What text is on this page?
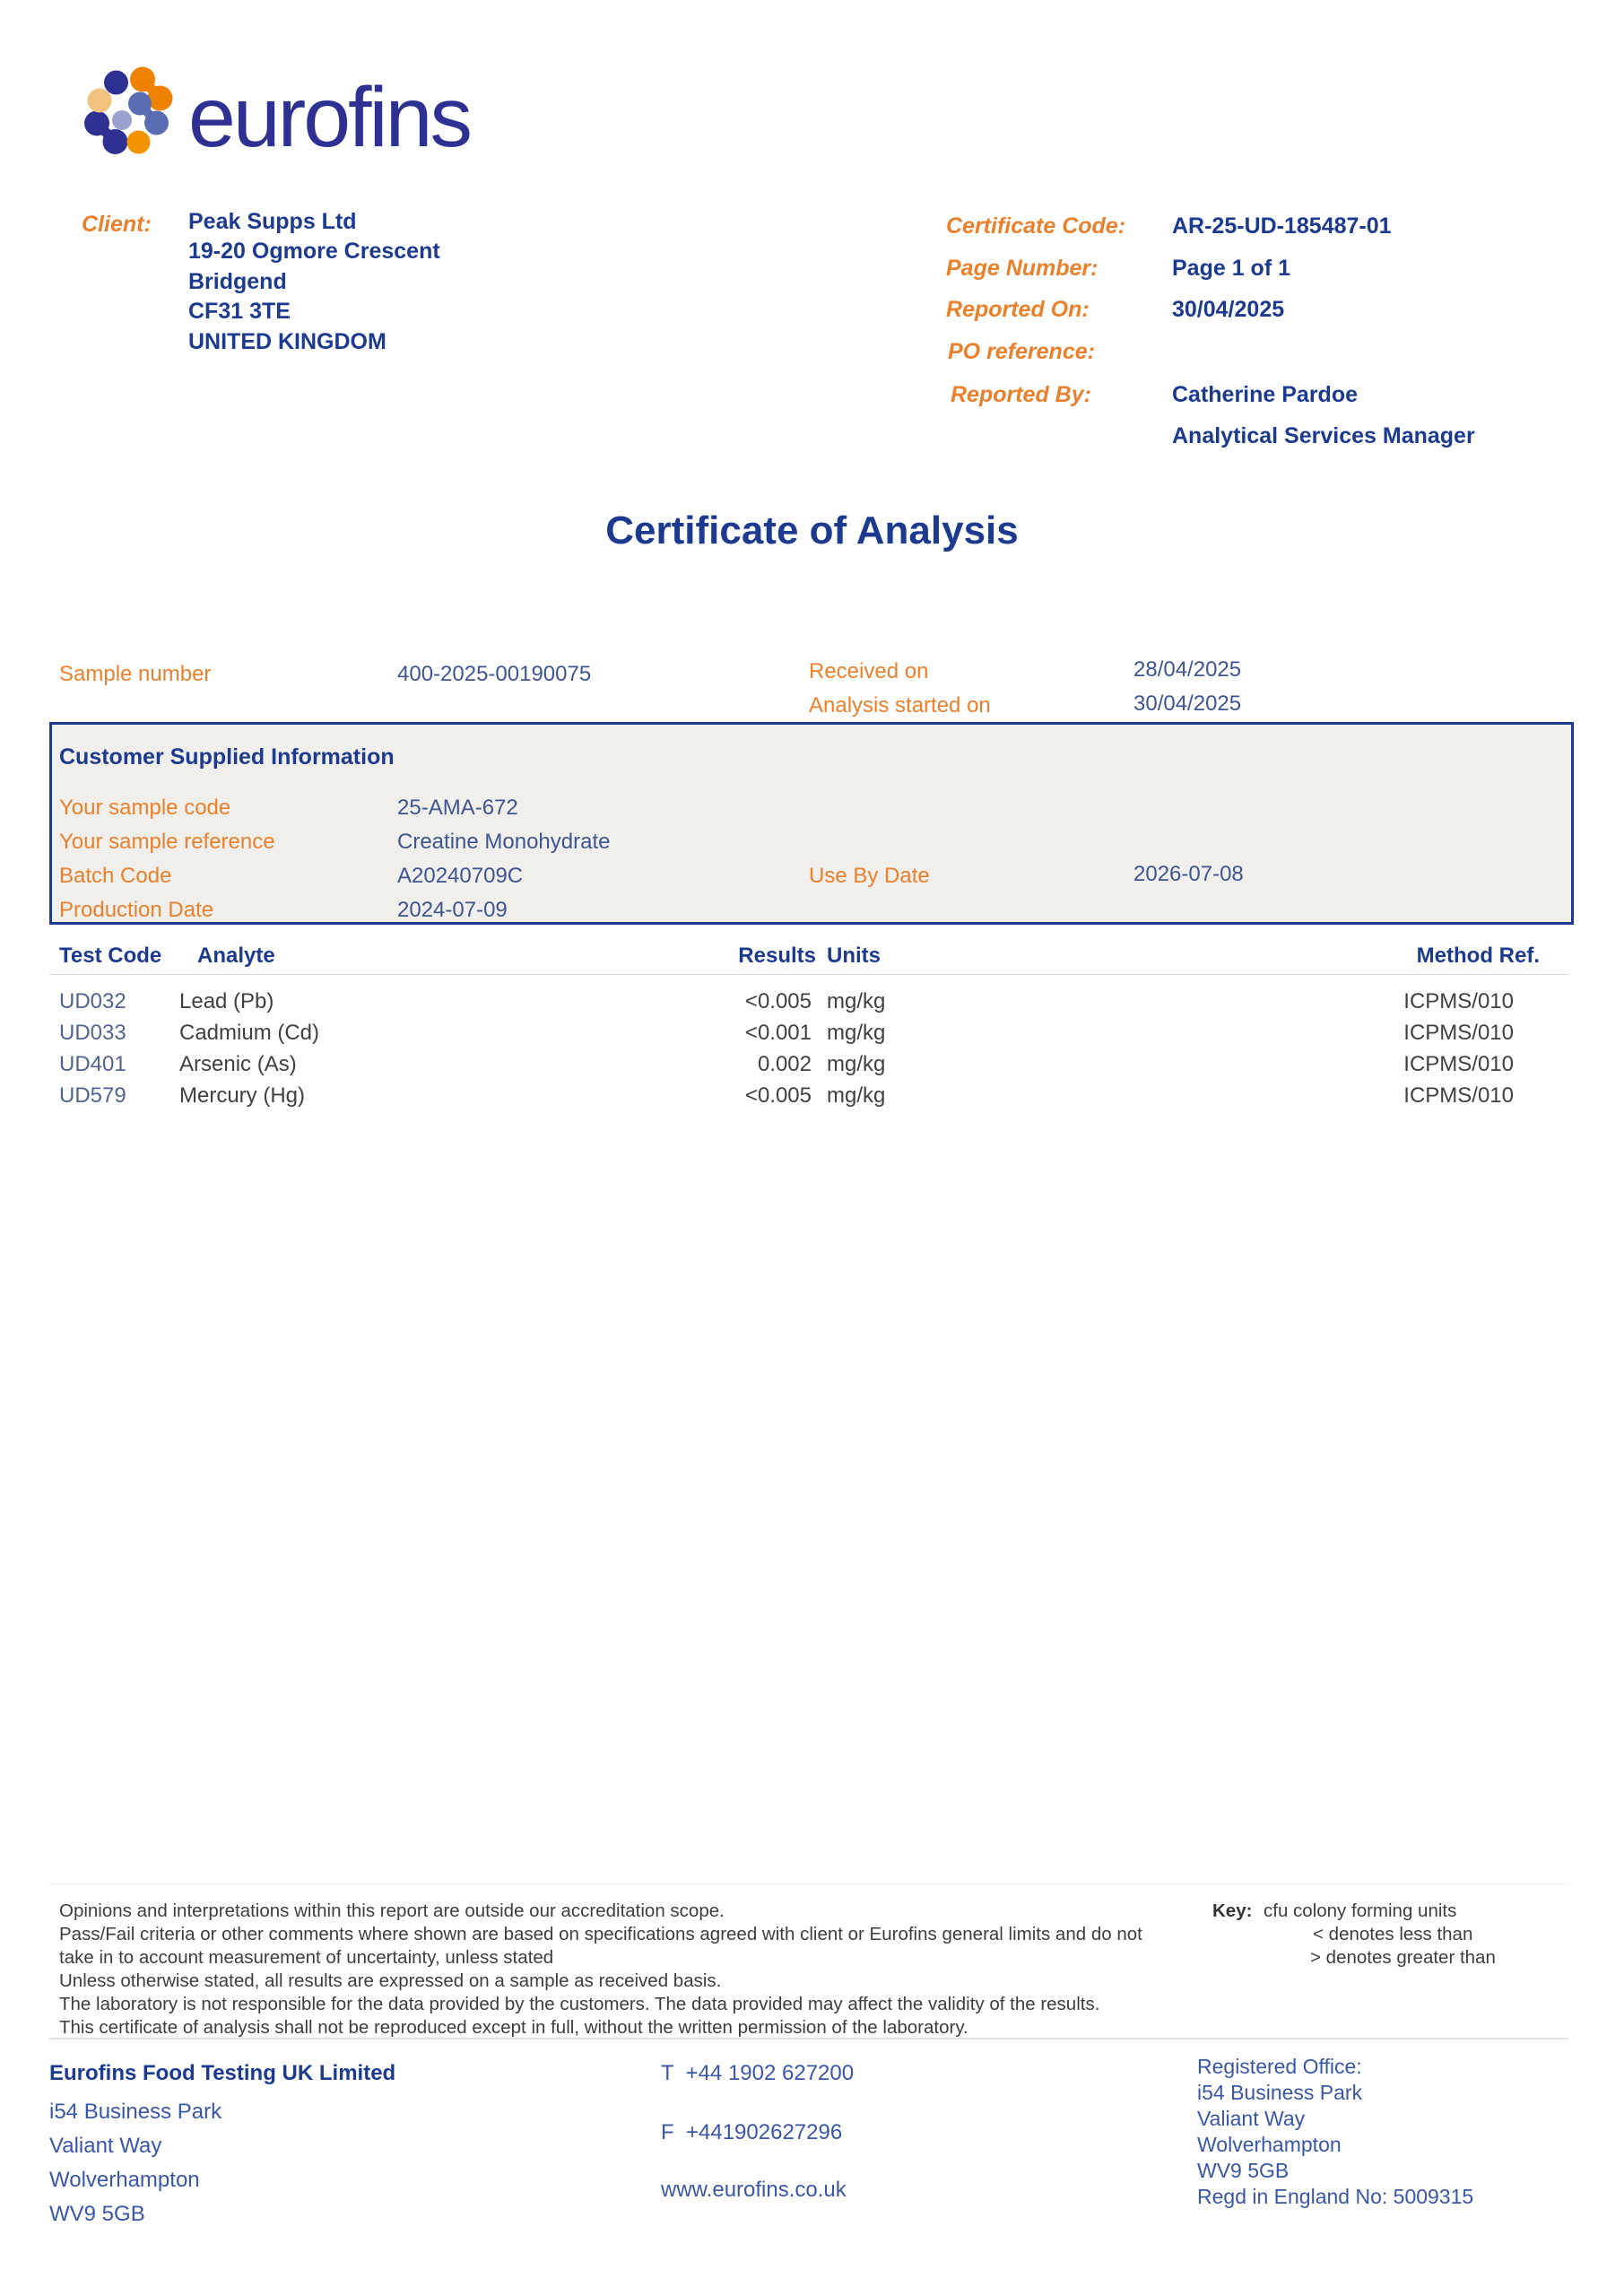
eurofins
Client: Peak Supps Ltd
19-20 Ogmore Crescent
Bridgend
CF31 3TE
UNITED KINGDOM
Certificate Code: AR-25-UD-185487-01
Page Number:	Page 1 of 1
Reported On:	30/04/2025
PO reference:
Reported By:	Catherine Pardoe
Analytical Services Manager
Certificate of Analysis
Sample number	400-2025-00190075	Received on	28/04/2025
Analysis started on	30/04/2025
Customer Supplied Information
Your sample code	25-AMA-672
Your sample reference	Creatine Monohydrate
Batch Code	A20240709C	Use By Date	2026-07-08
Production Date	2024-07-09
Test Code Analyte	Results Units	Method Ref.
UD032 Lead (Pb)	<0.005 mg/kg	ICPMS/010
UD033 Cadmium (Cd)	<0.001 mg/kg	ICPMS/010
UD401 Arsenic (As)	0.002 mg/kg	ICPMS/010
UD579 Mercury (Hg)	<0.005 mg/kg	ICPMS/010
Opinions and interpretations within this report are outside our accreditation scope.
Pass/Fail criteria or other comments where shown are based on specifications agreed with client or Eurofins general limits and do not
take in to account measurement of uncertainty, unless stated
Unless otherwise stated, all results are expressed on a sample as received basis.
The laboratory is not responsible for the data provided by the customers. The data provided may affect the validity of the results.
This certificate of analysis shall not be reproduced except in full, without the written permission of the laboratory.
Key: cfu colony forming units
< denotes less than
> denotes greater than
Eurofins Food Testing UK Limited
i54 Business Park
Valiant Way
Wolverhampton
WV9 5GB
T  +44 1902 627200
F  +441902627296
www.eurofins.co.uk
Registered Office:
i54 Business Park
Valiant Way
Wolverhampton
WV9 5GB
Regd in England No: 5009315
